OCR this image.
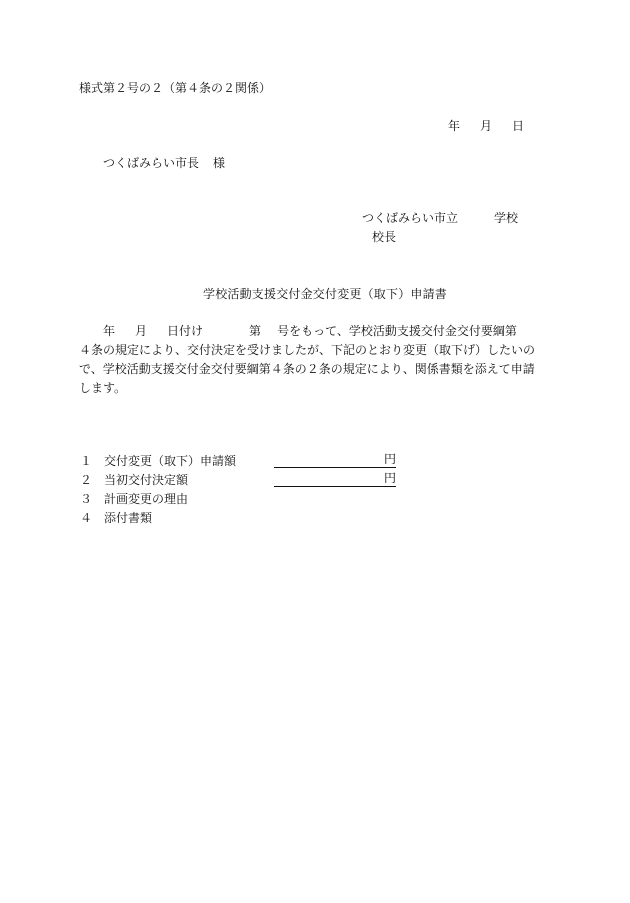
様式第２号の２（第４条の２関係）
年 月 日
つくばみらい市長 様
つくばみらい市立	学校
校長
学校活動支援交付金交付変更（取下）申請書
年 月 日付け	第 号をもって、学校活動支援交付金交付要綱第
４条の規定により、交付決定を受けましたが、下記のとおり変更（取下げ）したいの
で、学校活動支援交付金交付要綱第４条の２条の規定により、関係書類を添えて申請
します。
１ 交付変更（取下）申請額	円
２ 当初交付決定額	円
３ 計画変更の理由
４ 添付書類
